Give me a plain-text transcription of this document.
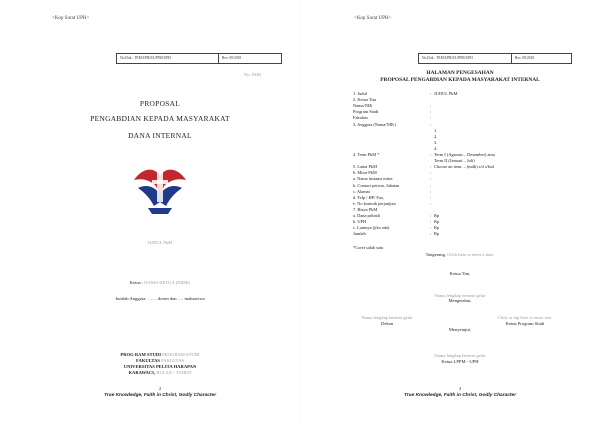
<Kop Surat UPH>
No.Dok : TEM-I/PRO/LPPM/UPH	Rev. 00/2018
No. PkM
PROPOSAL
PENGABDIAN KEPADA MASYARAKAT
DANA INTERNAL
JUDUL PkM
Ketua : NAMA KETUA (NIDK)
Jumlah Anggota: …… dosen dan …. mahasiswa
PROG RAM STUDI PROGRAM STUDI
FAKULTAS FAKULTAS
UNIVERSITAS PELITA HARAPAN
KARAWACI, BULAN - TAHUN
2
True Knowledge, Faith in Christ, Godly Character
<Kop Surat UPH>
No.Dok : TEM-I/PRO/LPPM/UPH	Rev. 00/2018
HALAMAN PENGESAHAN
PROPOSAL PENGABDIAN KEPADA MASYARAKAT INTERNAL
1. Judul	: JUDUL PkM
2. Ketua Tim
Nama/NIK	:
Program Studi	:
Fakultas	:
3. Anggota (Nama/NIK)	:
1.
2.
3.
4.
4. Term PkM *	: Term I (Agustus – Desember) atau
Term II (Januari – Juli)
5. Lama PkM	: Choose an item. – (mdk) s/d s/bsd
6. Mitra PkM	:
a. Nama instansi mitra	:
b. Contact person, Jabatan	:
c. Alamat	:
d. Telp / HP/ Fax,	:
e. No kontrak perjanjian	:
7. Biaya PkM
a. Dana pribadi	: Rp
b. UPH	: Rp
c. Lainnya (jika ada)	: Rp
Jumlah	: Rp
*Coret salah satu
Tangerang, Click here to enter a date.
Ketua Tim,
Nama lengkap beserta gelar
Mengetahui,
Nama lengkap beserta gelar
Dekan
Click or tap here to enter text.
Ketua Program Studi
Menyetujui,
Nama lengkap beserta gelar
Ketua LPPM - UPH
3
True Knowledge, Faith in Christ, Godly Character
